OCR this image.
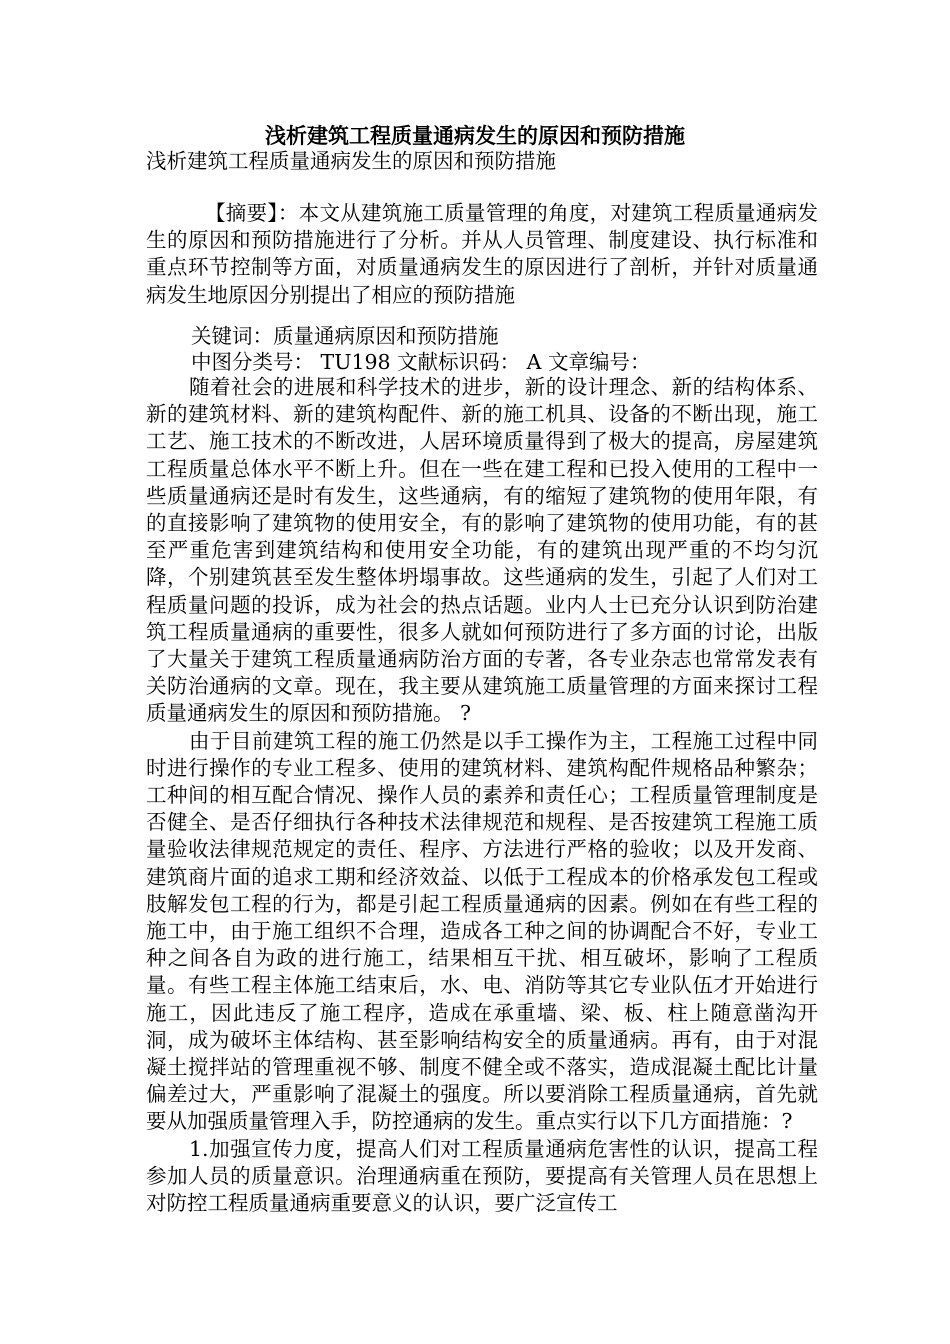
浅析建筑工程质量通病发生的原因和预防措施

浅析建筑工程质量通病发生的原因和预防措施

【摘要】：本文从建筑施工质量管理的角度，对建筑工程质量通病发生的原因和预防措施进行了分析。并从人员管理、制度建设、执行标准和重点环节控制等方面，对质量通病发生的原因进行了剖析，并针对质量通病发生地原因分别提出了相应的预防措施

关键词：质量通病原因和预防措施

中图分类号： TU198 文献标识码： A 文章编号：

随着社会的进展和科学技术的进步，新的设计理念、新的结构体系、新的建筑材料、新的建筑构配件、新的施工机具、设备的不断出现，施工工艺、施工技术的不断改进，人居环境质量得到了极大的提高，房屋建筑工程质量总体水平不断上升。但在一些在建工程和已投入使用的工程中一些质量通病还是时有发生，这些通病，有的缩短了建筑物的使用年限，有的直接影响了建筑物的使用安全，有的影响了建筑物的使用功能，有的甚至严重危害到建筑结构和使用安全功能，有的建筑出现严重的不均匀沉降，个别建筑甚至发生整体坍塌事故。这些通病的发生，引起了人们对工程质量问题的投诉，成为社会的热点话题。业内人士已充分认识到防治建筑工程质量通病的重要性，很多人就如何预防进行了多方面的讨论，出版了大量关于建筑工程质量通病防治方面的专著，各专业杂志也常常发表有关防治通病的文章。现在，我主要从建筑施工质量管理的方面来探讨工程质量通病发生的原因和预防措施。 ?

由于目前建筑工程的施工仍然是以手工操作为主，工程施工过程中同时进行操作的专业工程多、使用的建筑材料、建筑构配件规格品种繁杂；工种间的相互配合情况、操作人员的素养和责任心；工程质量管理制度是否健全、是否仔细执行各种技术法律规范和规程、是否按建筑工程施工质量验收法律规范规定的责任、程序、方法进行严格的验收；以及开发商、建筑商片面的追求工期和经济效益、以低于工程成本的价格承发包工程或肢解发包工程的行为，都是引起工程质量通病的因素。例如在有些工程的施工中，由于施工组织不合理，造成各工种之间的协调配合不好，专业工种之间各自为政的进行施工，结果相互干扰、相互破坏，影响了工程质量。有些工程主体施工结束后，水、电、消防等其它专业队伍才开始进行施工，因此违反了施工程序，造成在承重墙、梁、板、柱上随意凿沟开洞，成为破坏主体结构、甚至影响结构安全的质量通病。再有，由于对混凝土搅拌站的管理重视不够、制度不健全或不落实，造成混凝土配比计量偏差过大，严重影响了混凝土的强度。所以要消除工程质量通病，首先就要从加强质量管理入手，防控通病的发生。重点实行以下几方面措施：?

1.加强宣传力度，提高人们对工程质量通病危害性的认识，提高工程参加人员的质量意识。治理通病重在预防，要提高有关管理人员在思想上对防控工程质量通病重要意义的认识，要广泛宣传工
